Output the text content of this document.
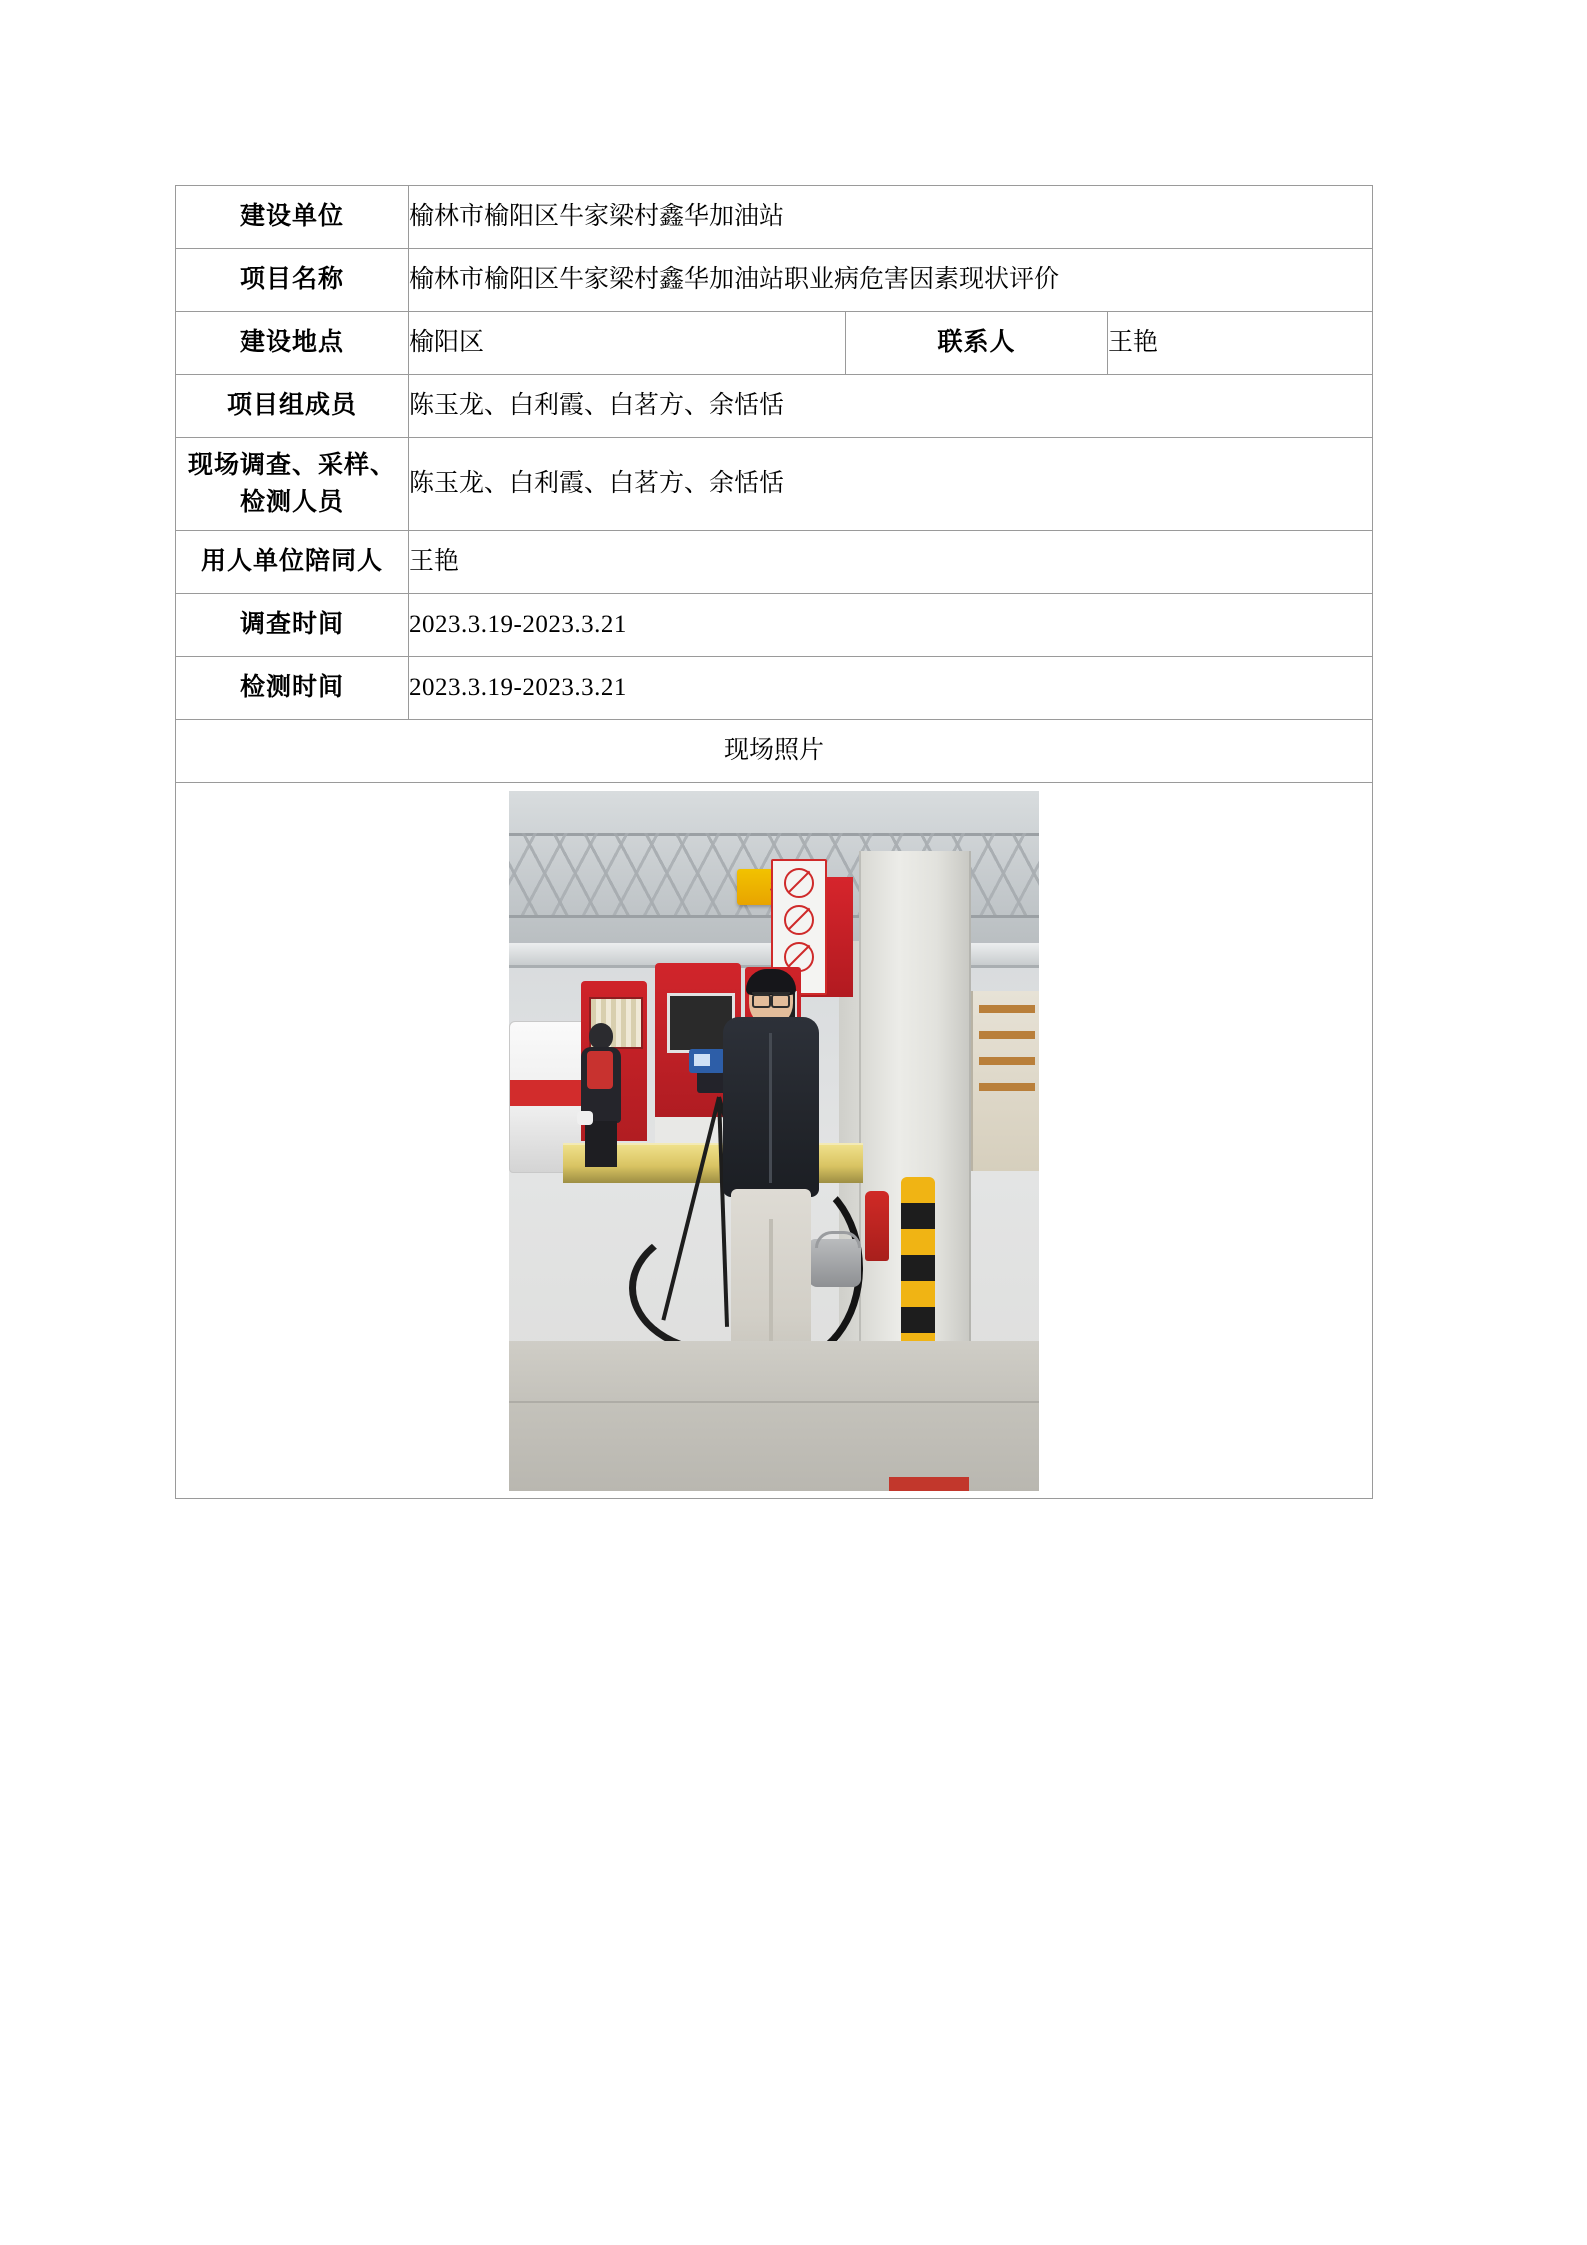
建设单位	榆林市榆阳区牛家梁村鑫华加油站		
项目名称	榆林市榆阳区牛家梁村鑫华加油站职业病危害因素现状评价		
建设地点	榆阳区	联系人	王艳
项目组成员	陈玉龙、白利霞、白茗方、余恬恬		

现场调查、采样、
检测人员	陈玉龙、白利霞、白茗方、余恬恬		
用人单位陪同人	王艳		
调查时间	2023.3.19-2023.3.21		
检测时间	2023.3.19-2023.3.21		
现场照片			
